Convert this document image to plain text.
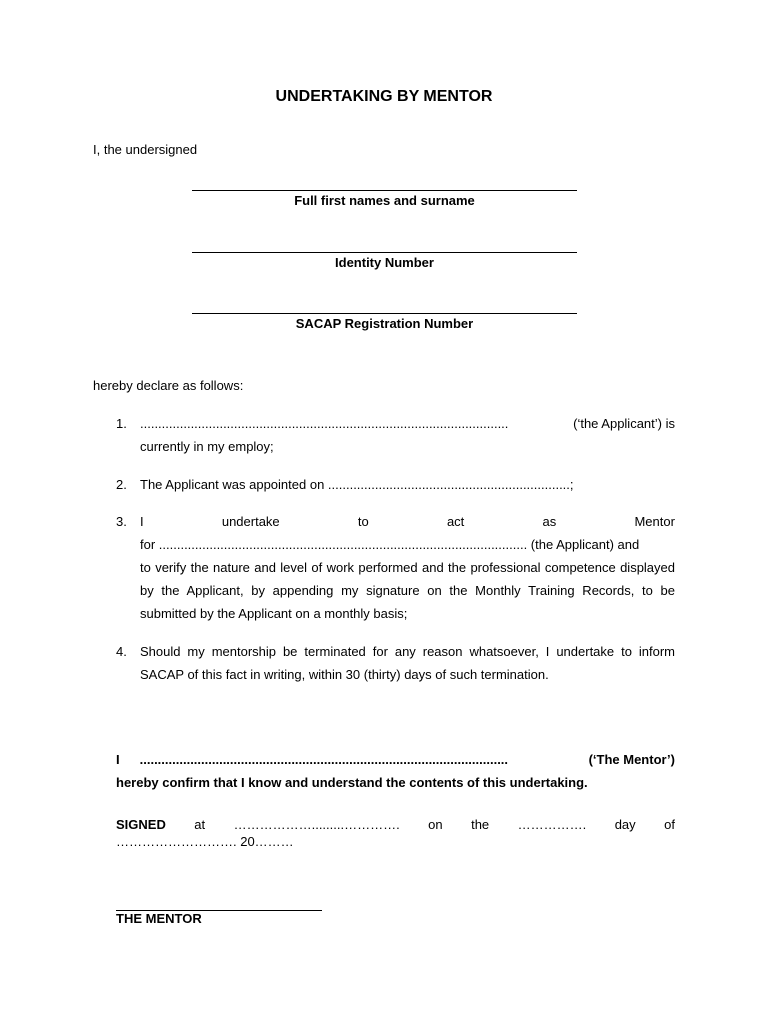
UNDERTAKING BY MENTOR
I, the undersigned
Full first names and surname
Identity Number
SACAP Registration Number
hereby declare as follows:
1.	......................................................................................................	(‘the Applicant’) is
currently in my employ;
2.	The Applicant was appointed on ...................................................................;
3.	I	undertake	to	act	as	Mentor
for ...................................................................................................... (the Applicant) and
to verify the nature and level of work performed and the professional competence displayed by the Applicant, by appending my signature on the Monthly Training Records, to be submitted by the Applicant on a monthly basis;
4.	Should my mentorship be terminated for any reason whatsoever, I undertake to inform SACAP of this fact in writing, within 30 (thirty) days of such termination.
I ......................................................................................................	(‘The Mentor’)
hereby confirm that I know and understand the contents of this undertaking.
SIGNED at ……………….........…………. on the ……………. day of
………………………. 20………
THE MENTOR
